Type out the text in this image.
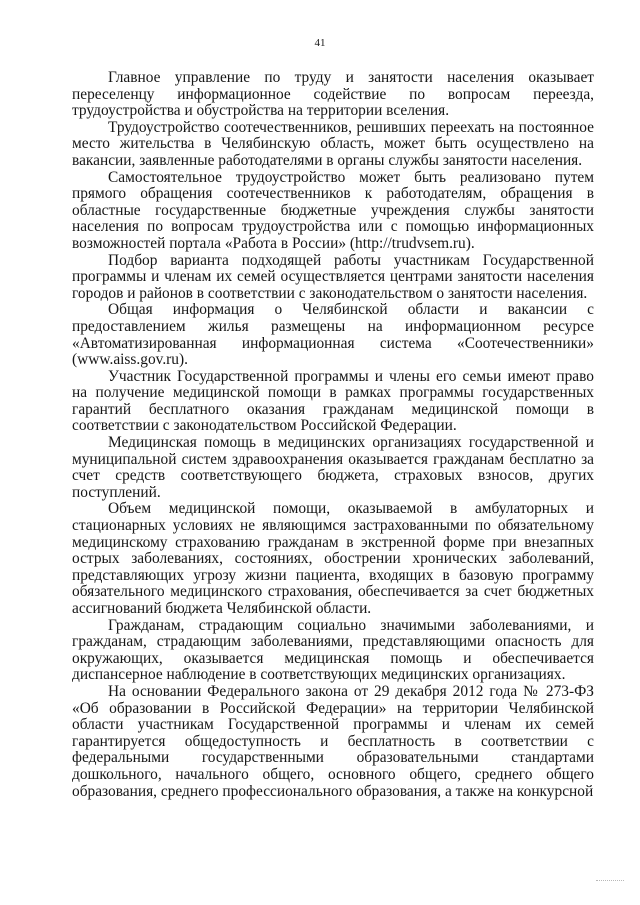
41

Главное управление по труду и занятости населения оказывает переселенцу информационное содействие по вопросам переезда, трудоустройства и обустройства на территории вселения.

Трудоустройство соотечественников, решивших переехать на постоянное место жительства в Челябинскую область, может быть осуществлено на вакансии, заявленные работодателями в органы службы занятости населения.

Самостоятельное трудоустройство может быть реализовано путем прямого обращения соотечественников к работодателям, обращения в областные государственные бюджетные учреждения службы занятости населения по вопросам трудоустройства или с помощью информационных возможностей портала «Работа в России» (http://trudvsem.ru).

Подбор варианта подходящей работы участникам Государственной программы и членам их семей осуществляется центрами занятости населения городов и районов в соответствии с законодательством о занятости населения.

Общая информация о Челябинской области и вакансии с предоставлением жилья размещены на информационном ресурсе «Автоматизированная информационная система «Соотечественники» (www.aiss.gov.ru).

Участник Государственной программы и члены его семьи имеют право на получение медицинской помощи в рамках программы государственных гарантий бесплатного оказания гражданам медицинской помощи в соответствии с законодательством Российской Федерации.

Медицинская помощь в медицинских организациях государственной и муниципальной систем здравоохранения оказывается гражданам бесплатно за счет средств соответствующего бюджета, страховых взносов, других поступлений.

Объем медицинской помощи, оказываемой в амбулаторных и стационарных условиях не являющимся застрахованными по обязательному медицинскому страхованию гражданам в экстренной форме при внезапных острых заболеваниях, состояниях, обострении хронических заболеваний, представляющих угрозу жизни пациента, входящих в базовую программу обязательного медицинского страхования, обеспечивается за счет бюджетных ассигнований бюджета Челябинской области.

Гражданам, страдающим социально значимыми заболеваниями, и гражданам, страдающим заболеваниями, представляющими опасность для окружающих, оказывается медицинская помощь и обеспечивается диспансерное наблюдение в соответствующих медицинских организациях.

На основании Федерального закона от 29 декабря 2012 года № 273-ФЗ «Об образовании в Российской Федерации» на территории Челябинской области участникам Государственной программы и членам их семей гарантируется общедоступность и бесплатность в соответствии с федеральными государственными образовательными стандартами дошкольного, начального общего, основного общего, среднего общего образования, среднего профессионального образования, а также на конкурсной
